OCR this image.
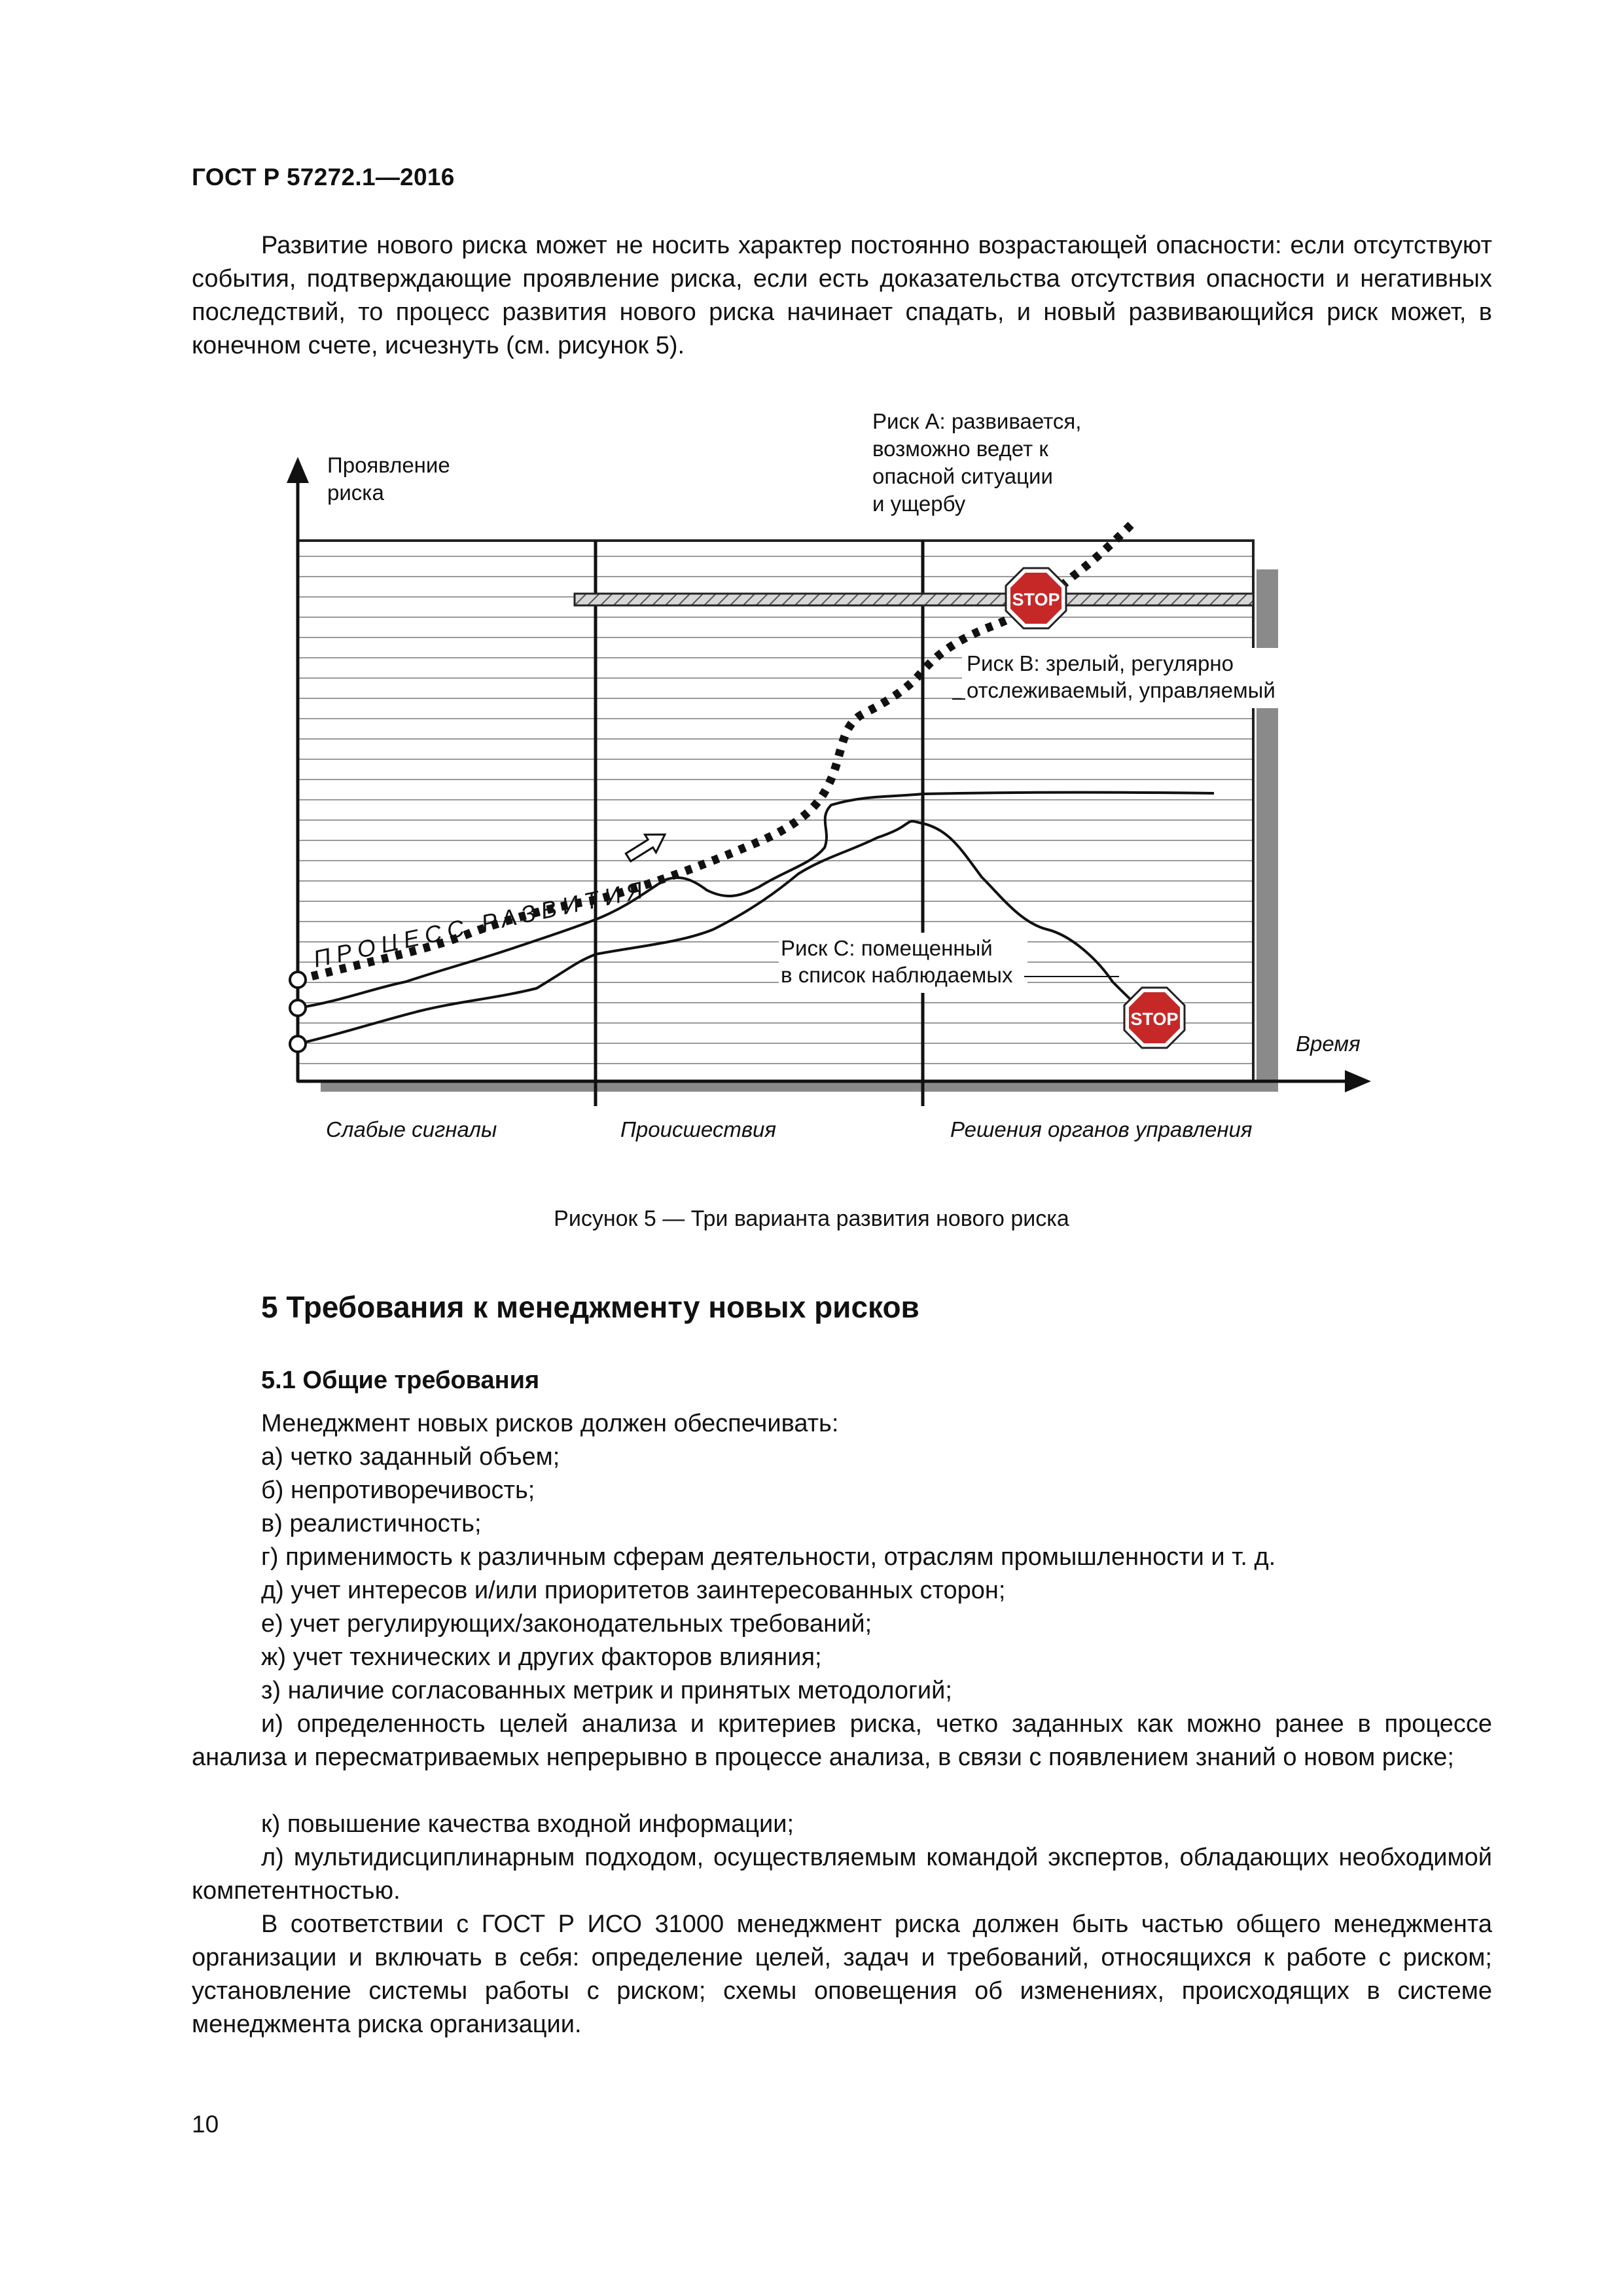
ГОСТ Р 57272.1—2016

Развитие нового риска может не носить характер постоянно возрастающей опасности: если отсутствуют события, подтверждающие проявление риска, если есть доказательства отсутствия опасности и негативных последствий, то процесс развития нового риска начинает спадать, и новый развивающийся риск может, в конечном счете, исчезнуть (см. рисунок 5).

ПРОЦЕСС РАЗВИТИЯ
STOP
STOP
Проявление
риска
Риск А: развивается,
возможно ведет к
опасной ситуации
и ущербу
Риск В: зрелый, регулярно
отслеживаемый, управляемый
Риск С: помещенный
в список наблюдаемых
Время
Слабые сигналы	Происшествия	Решения органов управления
Рисунок 5 — Три варианта развития нового риска
5 Требования к менеджменту новых рисков
5.1 Общие требования
Менеджмент новых рисков должен обеспечивать:
а) четко заданный объем;
б) непротиворечивость;
в) реалистичность;
г) применимость к различным сферам деятельности, отраслям промышленности и т. д.
д) учет интересов и/или приоритетов заинтересованных сторон;
е) учет регулирующих/законодательных требований;
ж) учет технических и других факторов влияния;
з) наличие согласованных метрик и принятых методологий;

и) определенность целей анализа и критериев риска, четко заданных как можно ранее в процессе анализа и пересматриваемых непрерывно в процессе анализа, в связи с появлением знаний о новом риске;

к) повышение качества входной информации;

л) мультидисциплинарным подходом, осуществляемым командой экспертов, обладающих необходимой компетентностью.

В соответствии с ГОСТ Р ИСО 31000 менеджмент риска должен быть частью общего менеджмента организации и включать в себя: определение целей, задач и требований, относящихся к работе с риском; установление системы работы с риском; схемы оповещения об изменениях, происходящих в системе менеджмента риска организации.

10
